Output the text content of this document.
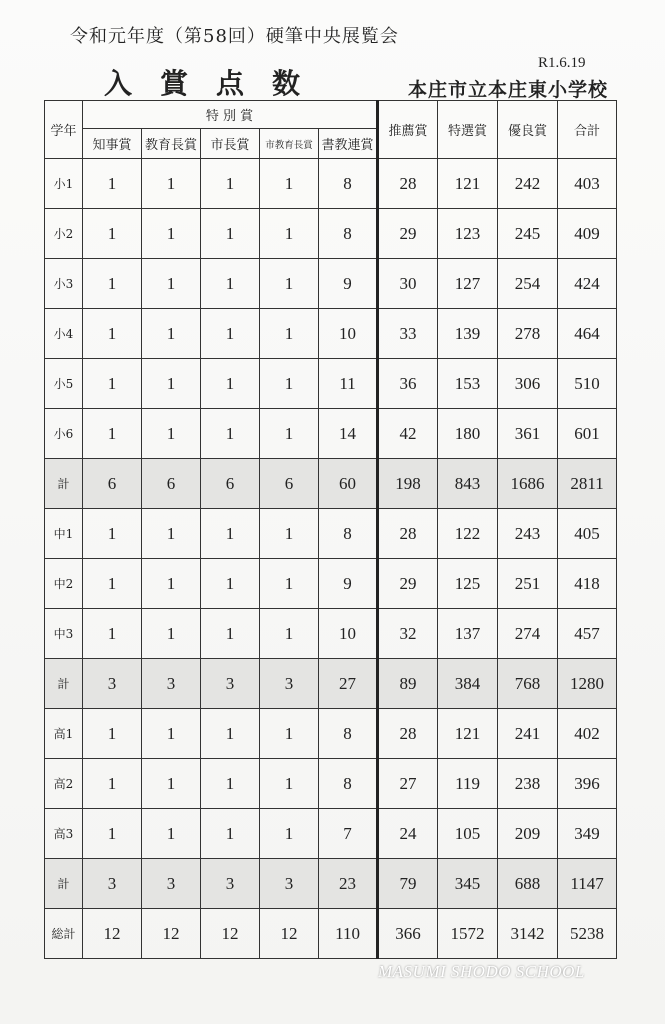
令和元年度（第58回）硬筆中央展覧会
R1.6.19
入賞点数	本庄市立本庄東小学校
学年	特 別 賞					推薦賞	特選賞	優良賞	合計
	知事賞	教育長賞	市長賞	市教育長賞	書教連賞				
小1	1	1	1	1	8	28	121	242	403
小2	1	1	1	1	8	29	123	245	409
小3	1	1	1	1	9	30	127	254	424
小4	1	1	1	1	10	33	139	278	464
小5	1	1	1	1	11	36	153	306	510
小6	1	1	1	1	14	42	180	361	601
計	6	6	6	6	60	198	843	1686	2811
中1	1	1	1	1	8	28	122	243	405
中2	1	1	1	1	9	29	125	251	418
中3	1	1	1	1	10	32	137	274	457
計	3	3	3	3	27	89	384	768	1280
高1	1	1	1	1	8	28	121	241	402
高2	1	1	1	1	8	27	119	238	396
高3	1	1	1	1	7	24	105	209	349
計	3	3	3	3	23	79	345	688	1147
総計	12	12	12	12	110	366	1572	3142	5238
MASUMI SHODO SCHOOL
